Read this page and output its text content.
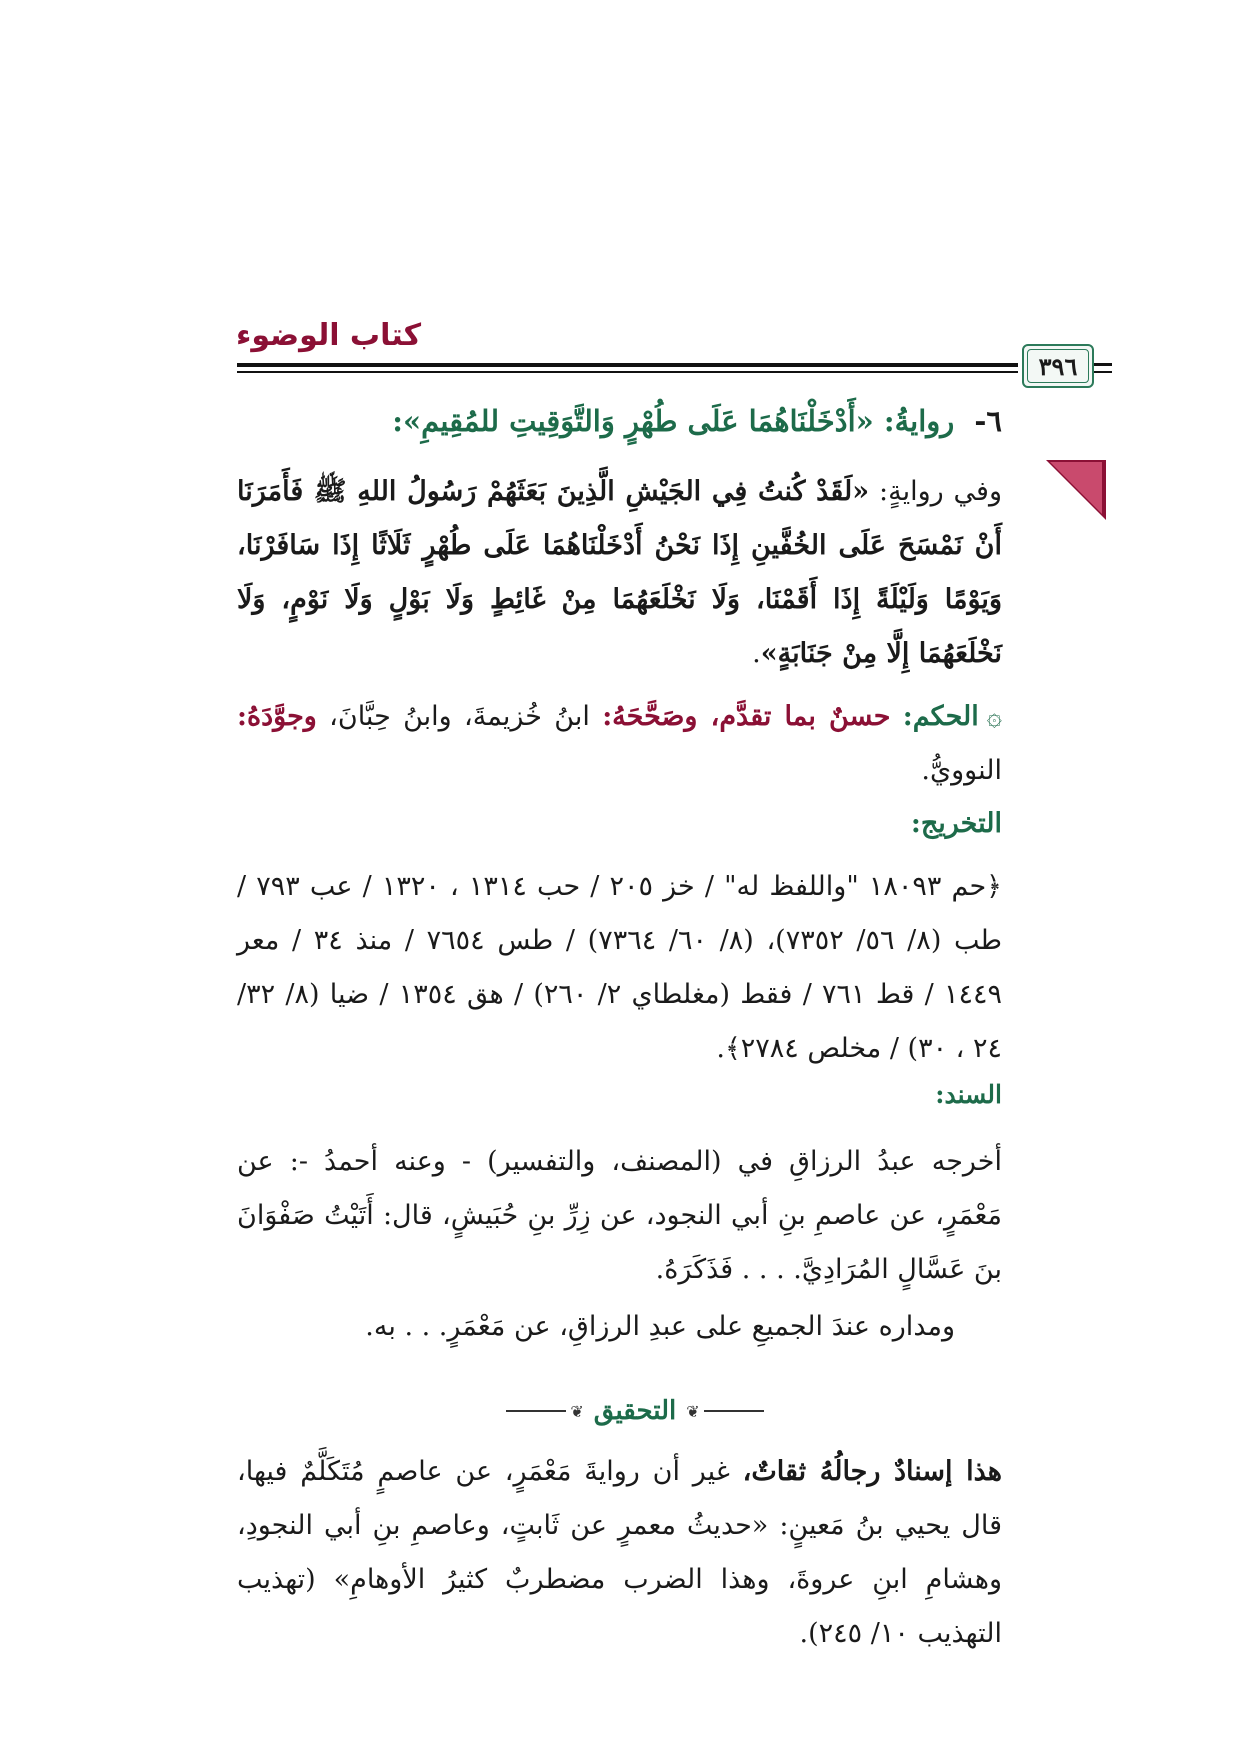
كتاب الوضوء
٣٩٦
٦- روايةُ: «أَدْخَلْنَاهُمَا عَلَى طُهْرٍ وَالتَّوَقِيتِ للمُقِيمِ»:
وفي روايةٍ: «لَقَدْ كُنتُ فِي الجَيْشِ الَّذِينَ بَعَثَهُمْ رَسُولُ اللهِ ﷺ فَأَمَرَنَا أَنْ نَمْسَحَ عَلَى الخُفَّينِ إِذَا نَحْنُ أَدْخَلْنَاهُمَا عَلَى طُهْرٍ ثَلَاثًا إِذَا سَافَرْنَا، وَيَوْمًا وَلَيْلَةً إِذَا أَقَمْنَا، وَلَا نَخْلَعَهُمَا مِنْ غَائِطٍ وَلَا بَوْلٍ وَلَا نَوْمٍ، وَلَا نَخْلَعَهُمَا إِلَّا مِنْ جَنَابَةٍ».
۞الحكم: حسنٌ بما تقدَّم، وصَحَّحَهُ: ابنُ خُزيمةَ، وابنُ حِبَّانَ، وجوَّدَهُ: النوويُّ.
التخريج:
﴿حم ١٨٠٩٣ "واللفظ له" / خز ٢٠٥ / حب ١٣١٤ ، ١٣٢٠ / عب ٧٩٣ / طب (٨/ ٥٦/ ٧٣٥٢)، (٨/ ٦٠/ ٧٣٦٤) / طس ٧٦٥٤ / منذ ٣٤ / معر ١٤٤٩ / قط ٧٦١ / فقط (مغلطاي ٢/ ٢٦٠) / هق ١٣٥٤ / ضيا (٨/ ٣٢/ ٢٤ ، ٣٠) / مخلص ٢٧٨٤﴾.
السند:
أخرجه عبدُ الرزاقِ في (المصنف، والتفسير) - وعنه أحمدُ -: عن مَعْمَرٍ، عن عاصمِ بنِ أبي النجود، عن زِرِّ بنِ حُبَيشٍ، قال: أَتَيْتُ صَفْوَانَ بنَ عَسَّالٍ المُرَادِيَّ. . . . فَذَكَرَهُ.
ومداره عندَ الجميعِ على عبدِ الرزاقِ، عن مَعْمَرٍ. . . به.
❦
التحقيق
❦
هذا إسنادٌ رجالُهُ ثقاتٌ، غير أن روايةَ مَعْمَرٍ، عن عاصمٍ مُتَكَلَّمٌ فيها، قال يحيي بنُ مَعينٍ: «حديثُ معمرٍ عن ثَابتٍ، وعاصمِ بنِ أبي النجودِ، وهشامِ ابنِ عروةَ، وهذا الضرب مضطربٌ كثيرُ الأوهامِ» (تهذيب التهذيب ١٠/ ٢٤٥).
